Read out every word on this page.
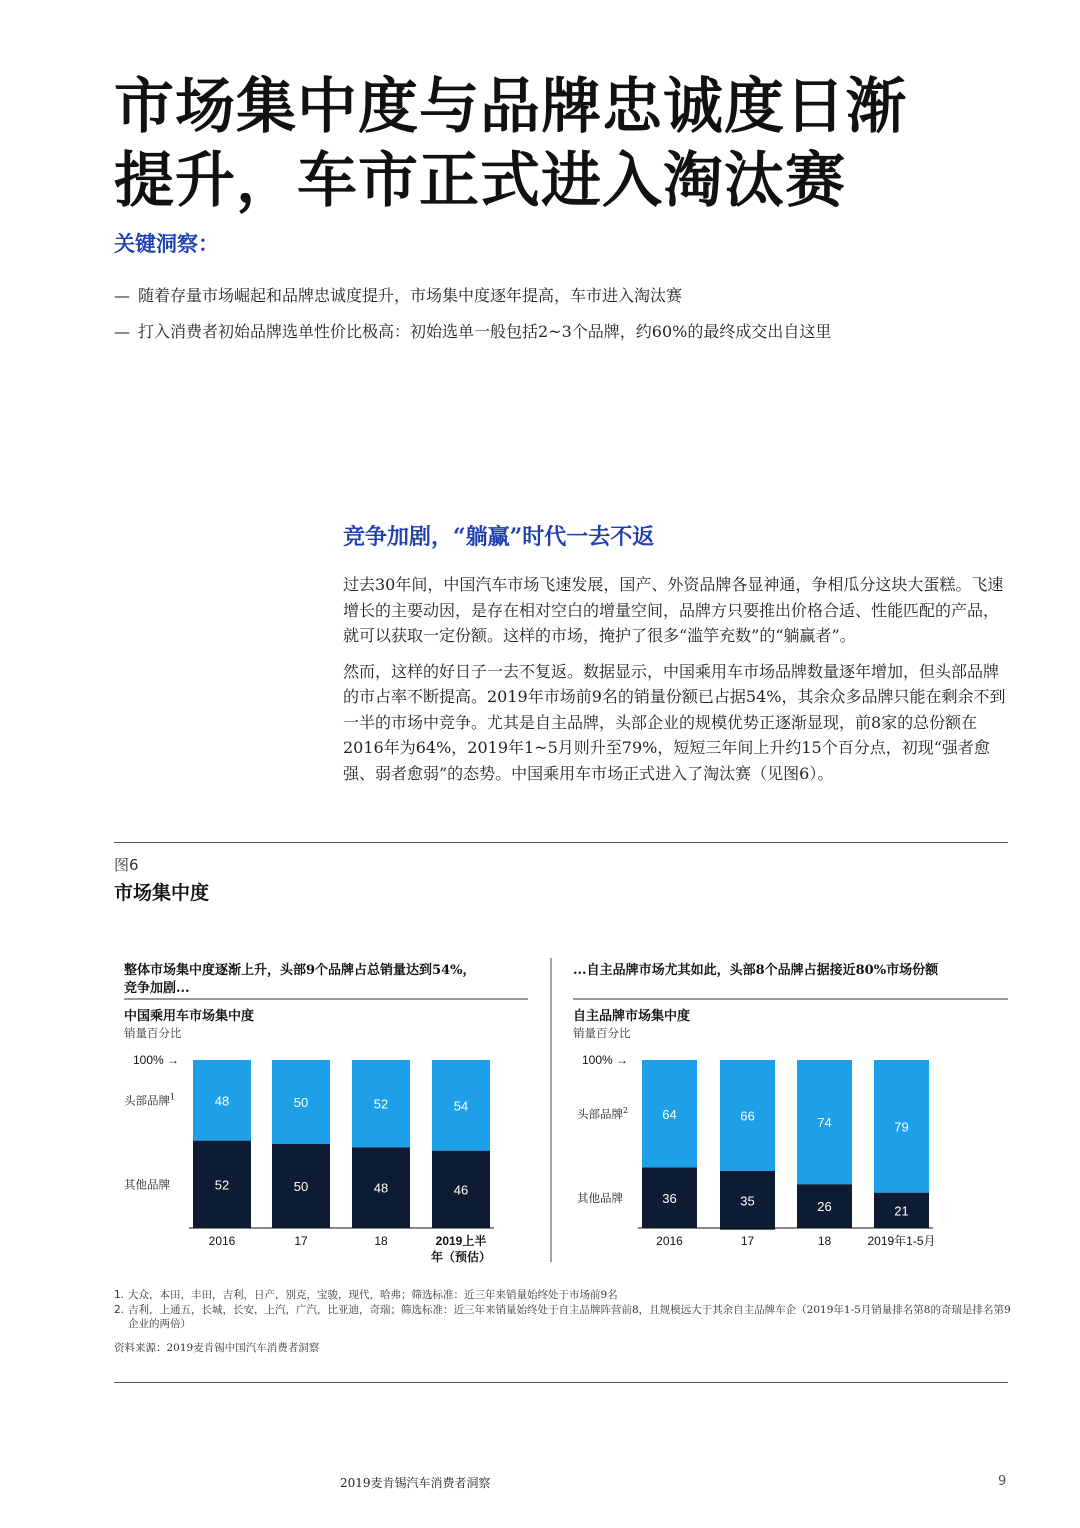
市场集中度与品牌忠诚度日渐
提升，车市正式进入淘汰赛
关键洞察：
— 随着存量市场崛起和品牌忠诚度提升，市场集中度逐年提高，车市进入淘汰赛
— 打入消费者初始品牌选单性价比极高：初始选单一般包括2~3个品牌，约60%的最终成交出自这里
竞争加剧，“躺赢”时代一去不返

过去30年间，中国汽车市场飞速发展，国产、外资品牌各显神通，争相瓜分这块大蛋糕。飞速增长的主要动因，是存在相对空白的增量空间，品牌方只要推出价格合适、性能匹配的产品，就可以获取一定份额。这样的市场，掩护了很多“滥竽充数”的“躺赢者”。

然而，这样的好日子一去不复返。数据显示，中国乘用车市场品牌数量逐年增加，但头部品牌的市占率不断提高。2019年市场前9名的销量份额已占据54%，其余众多品牌只能在剩余不到一半的市场中竞争。尤其是自主品牌，头部企业的规模优势正逐渐显现，前8家的总份额在2016年为64%，2019年1~5月则升至79%，短短三年间上升约15个百分点，初现“强者愈强、弱者愈弱”的态势。中国乘用车市场正式进入了淘汰赛（见图6）。

图6
市场集中度
整体市场集中度逐渐上升，头部9个品牌占总销量达到54%，
竞争加剧...
中国乘用车市场集中度
销量百分比
100% →
头部品牌$^1$
其他品牌
48
52
2016
50
50
17
52
48
18
54
46
2019上半
年（预估）
...自主品牌市场尤其如此，头部8个品牌占据接近80%市场份额
自主品牌市场集中度
销量百分比
100% →
头部品牌$^2$
其他品牌
64
36
2016
66
35
17
74
26
18
79
21
2019年1-5月
1. 大众，本田，丰田，吉利，日产，别克，宝骏，现代，哈弗；筛选标准：近三年来销量始终处于市场前9名
2. 吉利，上通五，长城，长安，上汽，广汽，比亚迪，奇瑞；筛选标准：近三年来销量始终处于自主品牌阵营前8，且规模远大于其余自主品牌车企（2019年1-5月销量排名第8的奇瑞是排名第9企业的两倍）
资料来源：2019麦肯锡中国汽车消费者洞察
2019麦肯锡汽车消费者洞察	9
